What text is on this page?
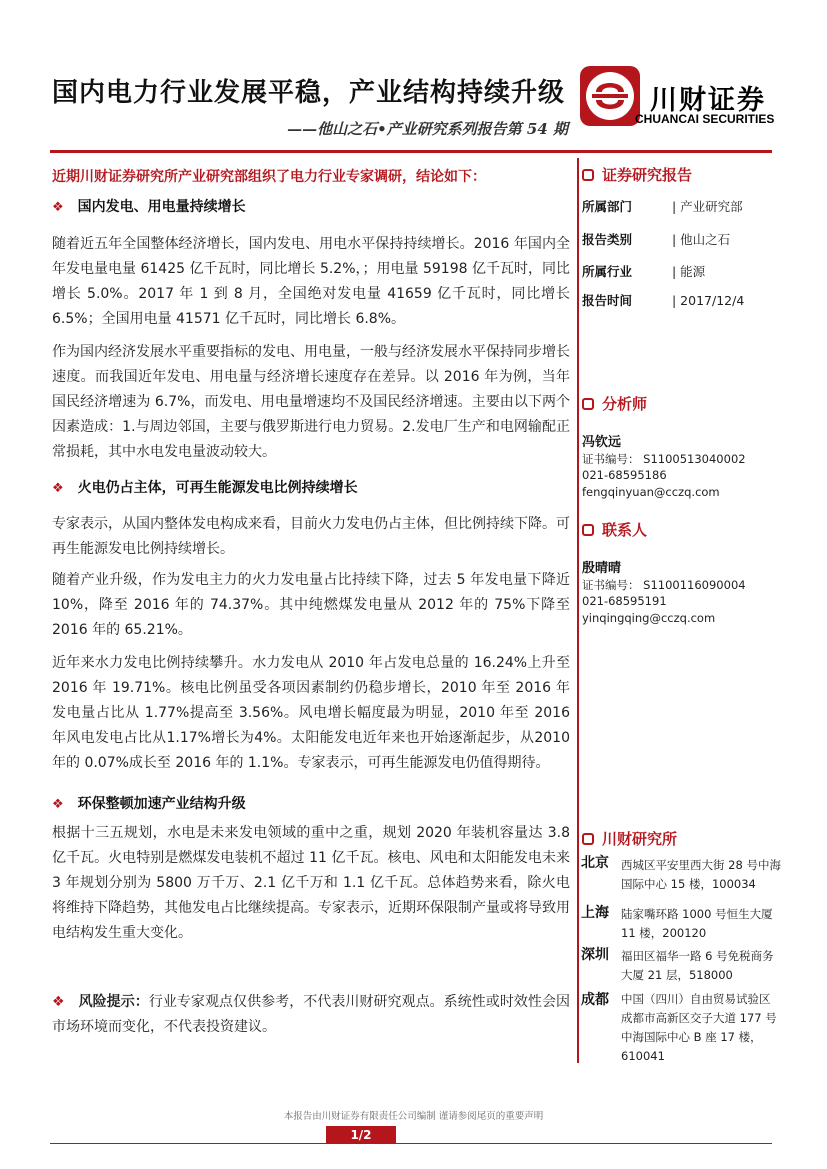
国内电力行业发展平稳，产业结构持续升级
——他山之石•产业研究系列报告第 54 期
川财证券
CHUANCAI SECURITIES
近期川财证券研究所产业研究部组织了电力行业专家调研，结论如下：
❖ 国内发电、用电量持续增长
随着近五年全国整体经济增长，国内发电、用电水平保持持续增长。2016 年国内全年发电量电量 61425 亿千瓦时，同比增长 5.2%，；用电量 59198 亿千瓦时，同比增长 5.0%。2017 年 1 到 8 月，全国绝对发电量 41659 亿千瓦时，同比增长 6.5%；全国用电量 41571 亿千瓦时，同比增长 6.8%。
作为国内经济发展水平重要指标的发电、用电量，一般与经济发展水平保持同步增长速度。而我国近年发电、用电量与经济增长速度存在差异。以 2016 年为例，当年国民经济增速为 6.7%，而发电、用电量增速均不及国民经济增速。主要由以下两个因素造成：1.与周边邻国，主要与俄罗斯进行电力贸易。2.发电厂生产和电网输配正常损耗，其中水电发电量波动较大。
❖ 火电仍占主体，可再生能源发电比例持续增长
专家表示，从国内整体发电构成来看，目前火力发电仍占主体，但比例持续下降。可再生能源发电比例持续增长。
随着产业升级，作为发电主力的火力发电量占比持续下降，过去 5 年发电量下降近 10%，降至 2016 年的 74.37%。其中纯燃煤发电量从 2012 年的 75%下降至 2016 年的 65.21%。
近年来水力发电比例持续攀升。水力发电从 2010 年占发电总量的 16.24%上升至 2016 年 19.71%。核电比例虽受各项因素制约仍稳步增长，2010 年至 2016 年发电量占比从 1.77%提高至 3.56%。风电增长幅度最为明显，2010 年至 2016 年风电发电占比从1.17%增长为4%。太阳能发电近年来也开始逐渐起步，从2010 年的 0.07%成长至 2016 年的 1.1%。专家表示，可再生能源发电仍值得期待。
❖ 环保整顿加速产业结构升级
根据十三五规划，水电是未来发电领域的重中之重，规划 2020 年装机容量达 3.8 亿千瓦。火电特别是燃煤发电装机不超过 11 亿千瓦。核电、风电和太阳能发电未来 3 年规划分别为 5800 万千万、2.1 亿千万和 1.1 亿千瓦。总体趋势来看，除火电将维持下降趋势，其他发电占比继续提高。专家表示，近期环保限制产量或将导致用电结构发生重大变化。
❖ 风险提示：行业专家观点仅供参考，不代表川财研究观点。系统性或时效性会因市场环境而变化，不代表投资建议。
证券研究报告
所属部门	| 产业研究部
报告类别	| 他山之石
所属行业	| 能源
报告时间	| 2017/12/4
分析师
冯钦远
证书编号： S1100513040002
021-68595186
fengqinyuan@cczq.com
联系人
殷晴晴
证书编号： S1100116090004
021-68595191
yinqingqing@cczq.com
川财研究所
北京 西城区平安里西大街 28 号中海国际中心 15 楼，100034
上海 陆家嘴环路 1000 号恒生大厦 11 楼，200120
深圳 福田区福华一路 6 号免税商务大厦 21 层，518000
成都 中国（四川）自由贸易试验区成都市高新区交子大道 177 号中海国际中心 B 座 17 楼，610041
本报告由川财证券有限责任公司编制 谨请参阅尾页的重要声明
1/2
